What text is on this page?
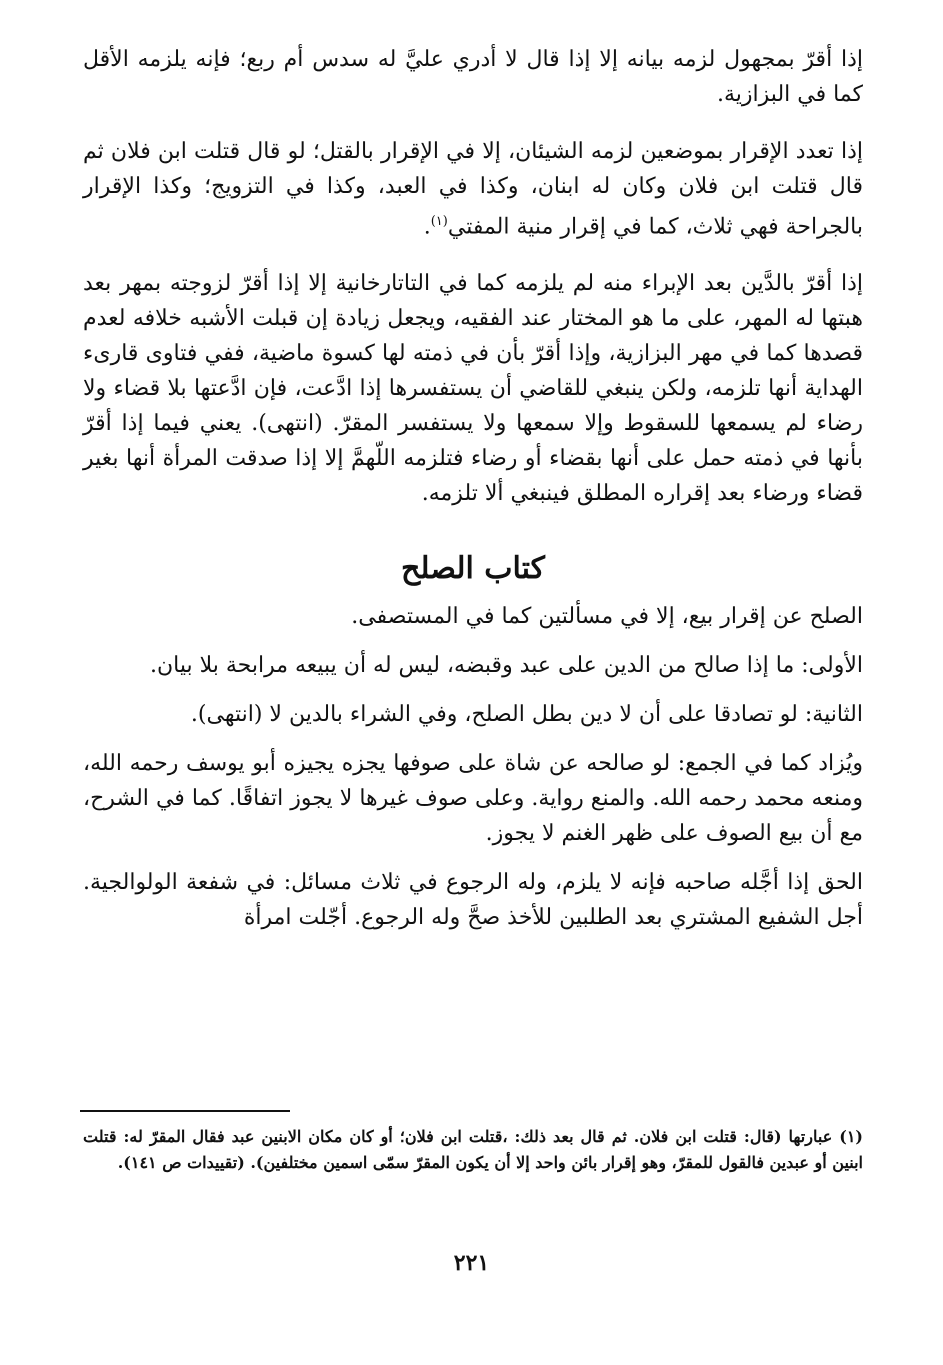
إذا أقرّ بمجهول لزمه بيانه إلا إذا قال لا أدري عليَّ له سدس أم ربع؛ فإنه يلزمه الأقل كما في البزازية.

إذا تعدد الإقرار بموضعين لزمه الشيئان، إلا في الإقرار بالقتل؛ لو قال قتلت ابن فلان ثم قال قتلت ابن فلان وكان له ابنان، وكذا في العبد، وكذا في التزويج؛ وكذا الإقرار بالجراحة فهي ثلاث، كما في إقرار منية المفتي$^{(١)}$.

إذا أقرّ بالدَّين بعد الإبراء منه لم يلزمه كما في التاتارخانية إلا إذا أقرّ لزوجته بمهر بعد هبتها له المهر، على ما هو المختار عند الفقيه، ويجعل زيادة إن قبلت الأشبه خلافه لعدم قصدها كما في مهر البزازية، وإذا أقرّ بأن في ذمته لها كسوة ماضية، ففي فتاوى قارىء الهداية أنها تلزمه، ولكن ينبغي للقاضي أن يستفسرها إذا ادَّعت، فإن ادَّعتها بلا قضاء ولا رضاء لم يسمعها للسقوط وإلا سمعها ولا يستفسر المقرّ. (انتهى). يعني فيما إذا أقرّ بأنها في ذمته حمل على أنها بقضاء أو رضاء فتلزمه اللّهمَّ إلا إذا صدقت المرأة أنها بغير قضاء ورضاء بعد إقراره المطلق فينبغي ألا تلزمه.

كتاب الصلح

الصلح عن إقرار بيع، إلا في مسألتين كما في المستصفى.

الأولى: ما إذا صالح من الدين على عبد وقبضه، ليس له أن يبيعه مرابحة بلا بيان.

الثانية: لو تصادقا على أن لا دين بطل الصلح، وفي الشراء بالدين لا (انتهى).

ويُزاد كما في الجمع: لو صالحه عن شاة على صوفها يجزه يجيزه أبو يوسف رحمه الله، ومنعه محمد رحمه الله. والمنع رواية. وعلى صوف غيرها لا يجوز اتفاقًا. كما في الشرح، مع أن بيع الصوف على ظهر الغنم لا يجوز.

الحق إذا أجَّله صاحبه فإنه لا يلزم، وله الرجوع في ثلاث مسائل: في شفعة الولوالجية. أجل الشفيع المشتري بعد الطلبين للأخذ صحَّ وله الرجوع. أجّلت امرأة

(١) عبارتها (قال: قتلت ابن فلان. ثم قال بعد ذلك: ،قتلت ابن فلان؛ أو كان مكان الابنين عبد فقال المقرّ له: قتلت ابنين أو عبدين فالقول للمقرّ، وهو إقرار بائن واحد إلا أن يكون المقرّ سمّى اسمين مختلفين). (تقييدات ص ١٤١).

٢٢١
